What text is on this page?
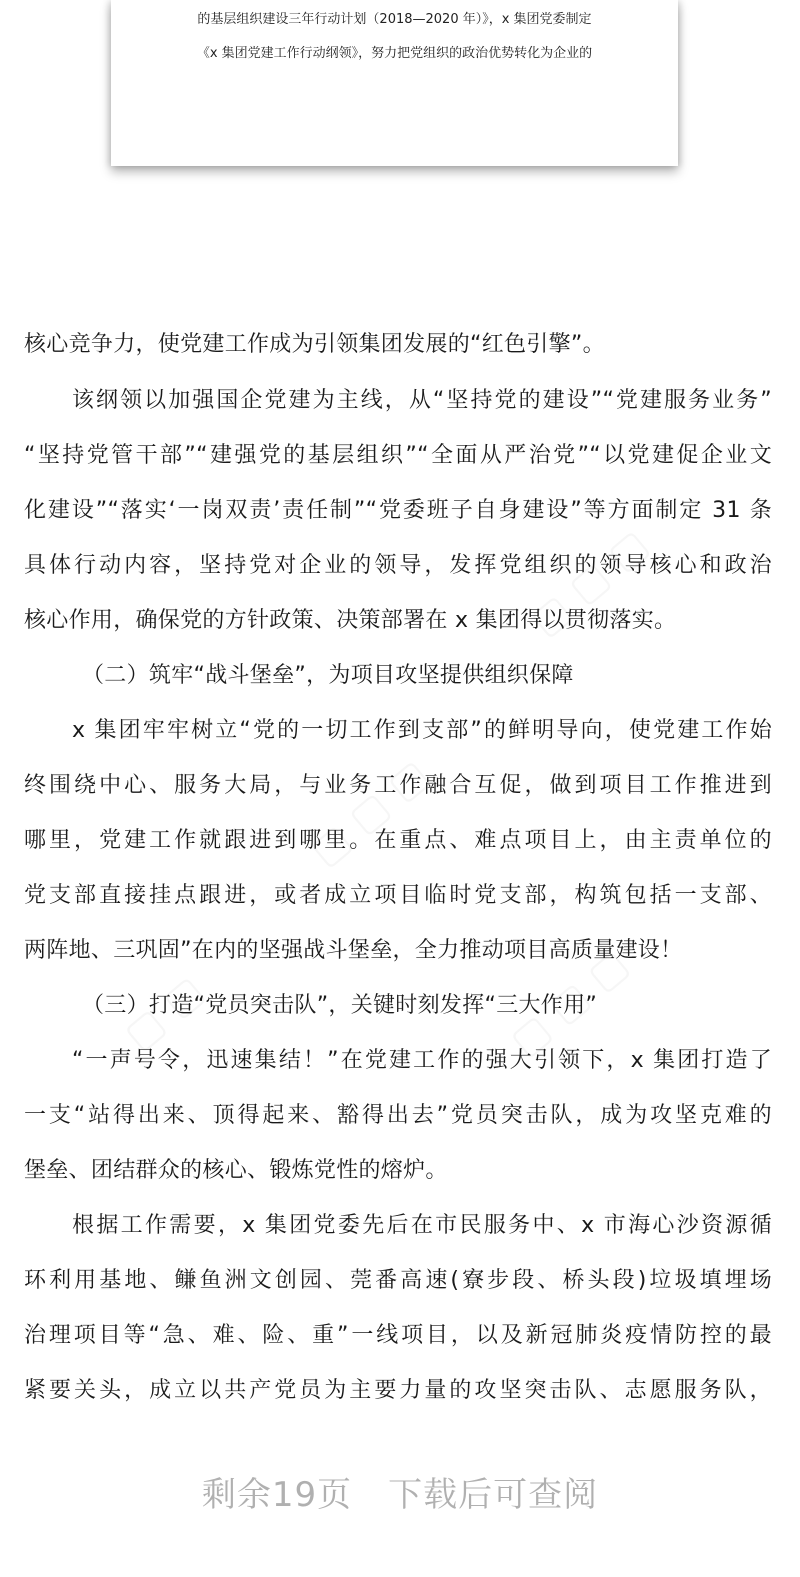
的基层组织建设三年行动计划（2018—2020 年）》，x 集团党委制定
《x 集团党建工作行动纲领》，努力把党组织的政治优势转化为企业的
核心竞争力，使党建工作成为引领集团发展的“红色引擎”。
该纲领以加强国企党建为主线，从“坚持党的建设”“党建服务业务”
“坚持党管干部”“建强党的基层组织”“全面从严治党”“以党建促企业文
化建设”“落实‘一岗双责’责任制”“党委班子自身建设”等方面制定 31 条
具体行动内容，坚持党对企业的领导，发挥党组织的领导核心和政治
核心作用，确保党的方针政策、决策部署在 x 集团得以贯彻落实。
（二）筑牢“战斗堡垒”，为项目攻坚提供组织保障
x 集团牢牢树立“党的一切工作到支部”的鲜明导向，使党建工作始
终围绕中心、服务大局，与业务工作融合互促，做到项目工作推进到
哪里，党建工作就跟进到哪里。在重点、难点项目上，由主责单位的
党支部直接挂点跟进，或者成立项目临时党支部，构筑包括一支部、
两阵地、三巩固”在内的坚强战斗堡垒，全力推动项目高质量建设！
（三）打造“党员突击队”，关键时刻发挥“三大作用”
“一声号令，迅速集结！”在党建工作的强大引领下，x 集团打造了
一支“站得出来、顶得起来、豁得出去”党员突击队，成为攻坚克难的
堡垒、团结群众的核心、锻炼党性的熔炉。
根据工作需要，x 集团党委先后在市民服务中、x 市海心沙资源循
环利用基地、鳒鱼洲文创园、莞番高速(寮步段、桥头段)垃圾填埋场
治理项目等“急、难、险、重”一线项目，以及新冠肺炎疫情防控的最
紧要关头，成立以共产党员为主要力量的攻坚突击队、志愿服务队，
剩余19页 下载后可查阅
